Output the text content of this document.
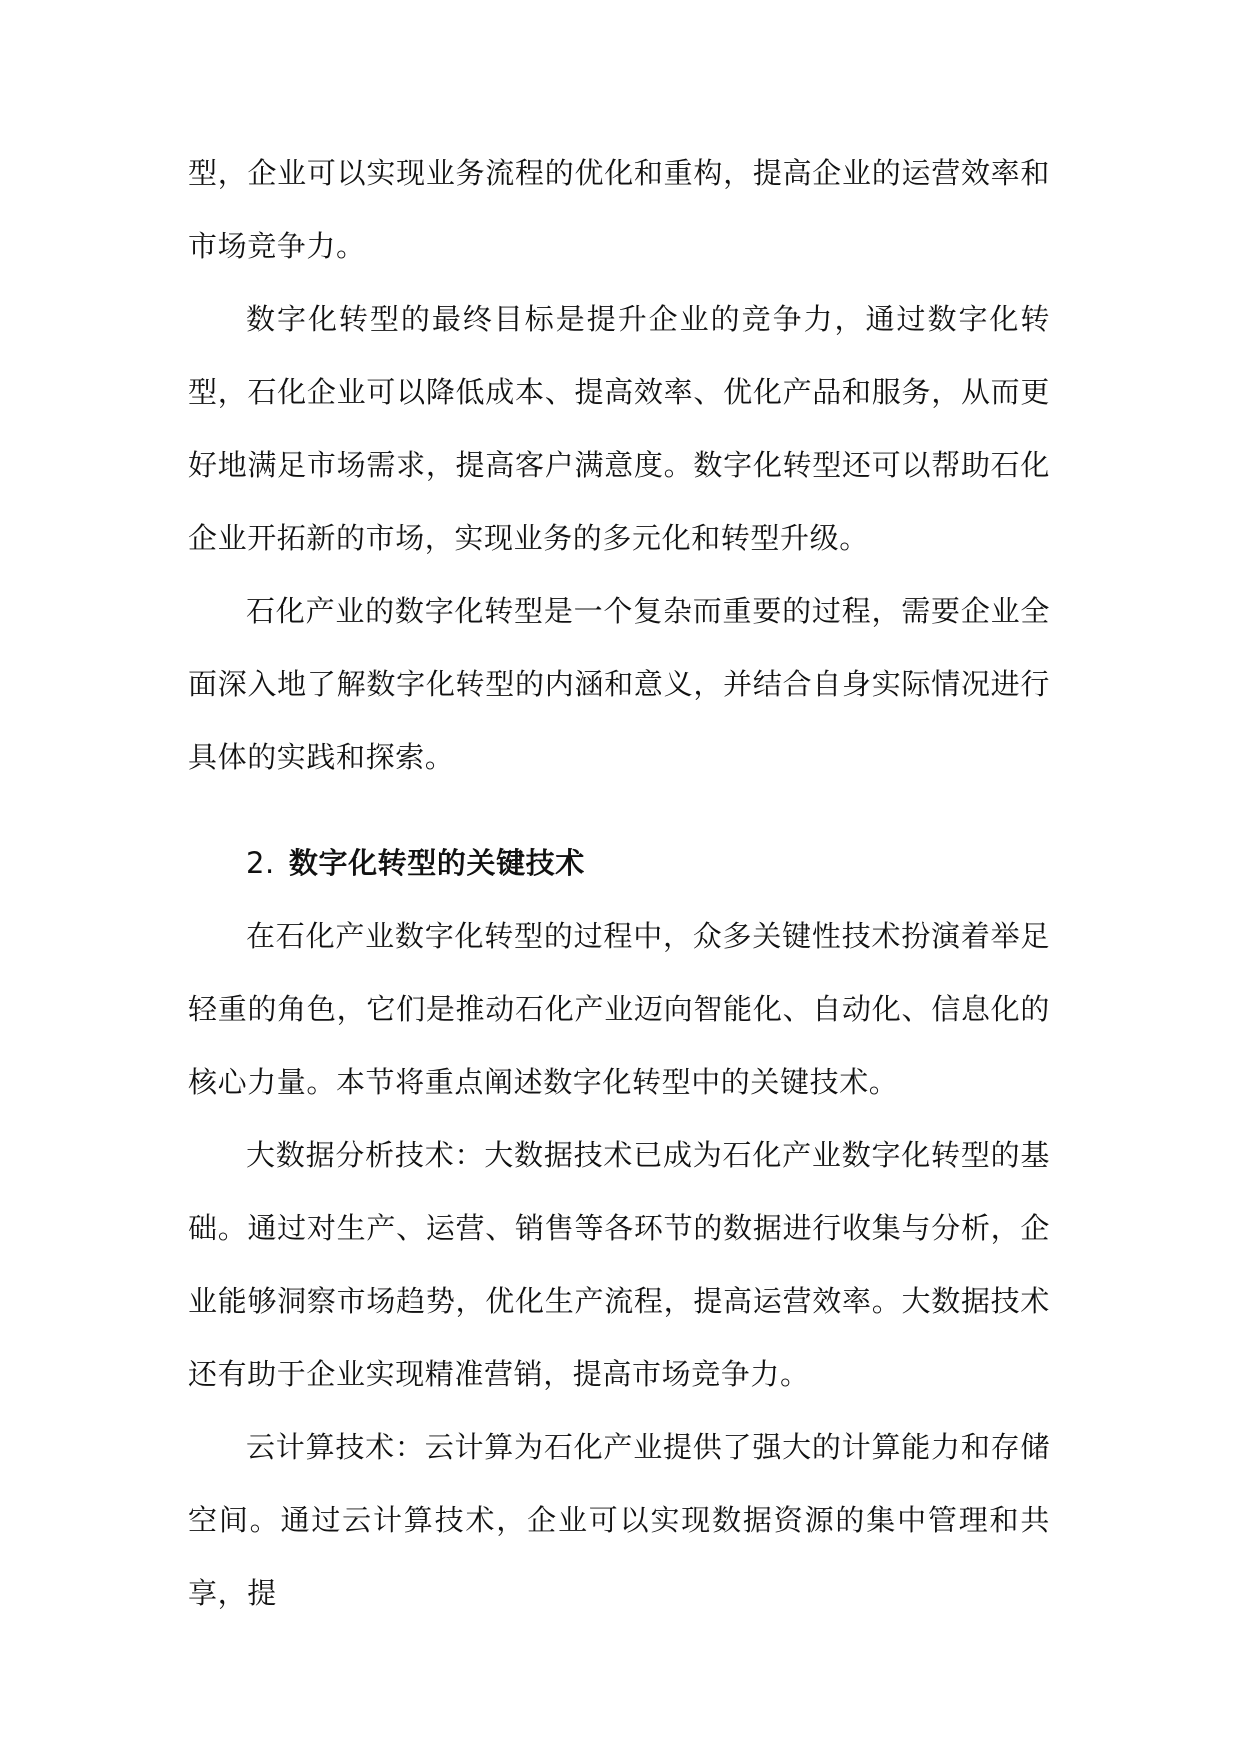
型，企业可以实现业务流程的优化和重构，提高企业的运营效率和市场竞争力。

数字化转型的最终目标是提升企业的竞争力，通过数字化转型，石化企业可以降低成本、提高效率、优化产品和服务，从而更好地满足市场需求，提高客户满意度。数字化转型还可以帮助石化企业开拓新的市场，实现业务的多元化和转型升级。

石化产业的数字化转型是一个复杂而重要的过程，需要企业全面深入地了解数字化转型的内涵和意义，并结合自身实际情况进行具体的实践和探索。

2. 数字化转型的关键技术

在石化产业数字化转型的过程中，众多关键性技术扮演着举足轻重的角色，它们是推动石化产业迈向智能化、自动化、信息化的核心力量。本节将重点阐述数字化转型中的关键技术。

大数据分析技术：大数据技术已成为石化产业数字化转型的基础。通过对生产、运营、销售等各环节的数据进行收集与分析，企业能够洞察市场趋势，优化生产流程，提高运营效率。大数据技术还有助于企业实现精准营销，提高市场竞争力。

云计算技术：云计算为石化产业提供了强大的计算能力和存储空间。通过云计算技术，企业可以实现数据资源的集中管理和共享，提
